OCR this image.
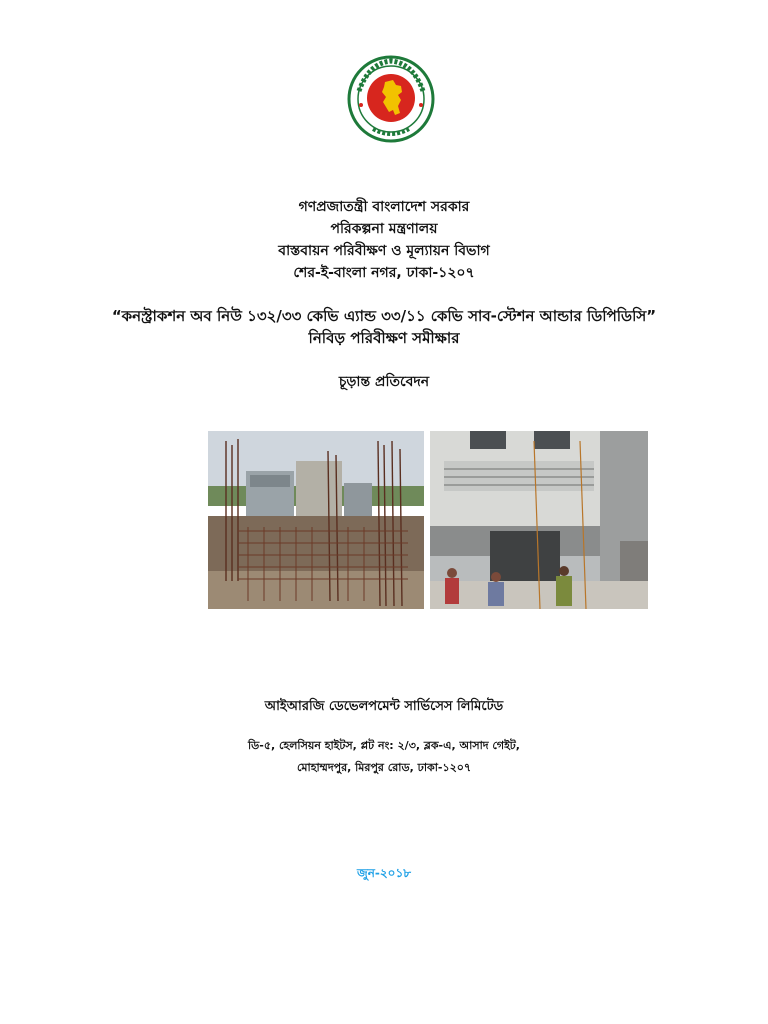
গণপ্রজাতন্ত্রী বাংলাদেশ সরকার
পরিকল্পনা মন্ত্রণালয়
বাস্তবায়ন পরিবীক্ষণ ও মূল্যায়ন বিভাগ
শের-ই-বাংলা নগর, ঢাকা-১২০৭
“কনস্ট্রাকশন অব নিউ ১৩২/৩৩ কেভি এ্যান্ড ৩৩/১১ কেভি সাব-স্টেশন আন্ডার ডিপিডিসি”
নিবিড় পরিবীক্ষণ সমীক্ষার
চূড়ান্ত প্রতিবেদন
আইআরজি ডেভেলপমেন্ট সার্ভিসেস লিমিটেড
ডি-৫, হেলসিয়ন হাইটস, প্লট নং: ২/৩, ব্লক-এ, আসাদ গেইট,
মোহাম্মদপুর, মিরপুর রোড, ঢাকা-১২০৭
জুন-২০১৮
